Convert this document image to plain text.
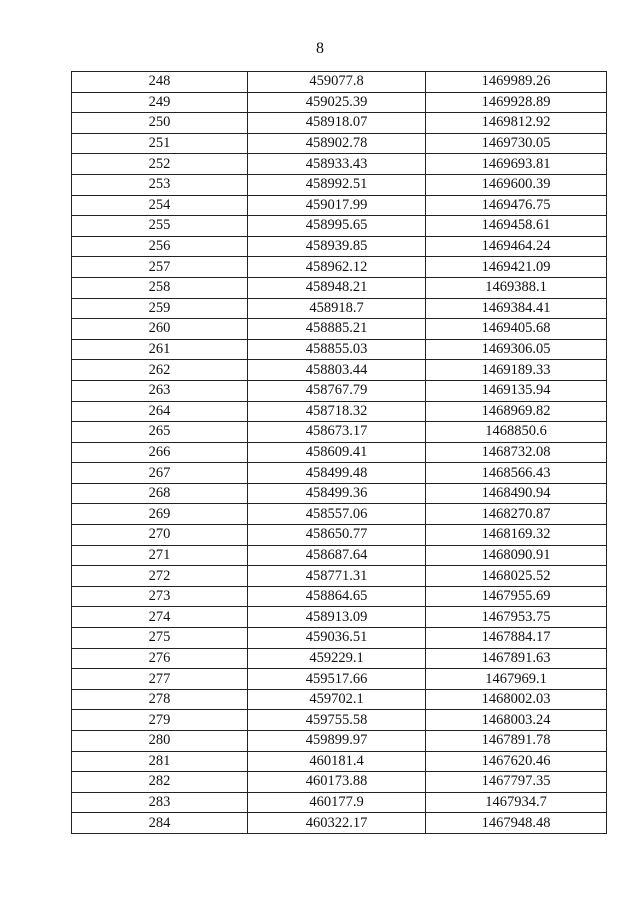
8
248	459077.8	1469989.26
249	459025.39	1469928.89
250	458918.07	1469812.92
251	458902.78	1469730.05
252	458933.43	1469693.81
253	458992.51	1469600.39
254	459017.99	1469476.75
255	458995.65	1469458.61
256	458939.85	1469464.24
257	458962.12	1469421.09
258	458948.21	1469388.1
259	458918.7	1469384.41
260	458885.21	1469405.68
261	458855.03	1469306.05
262	458803.44	1469189.33
263	458767.79	1469135.94
264	458718.32	1468969.82
265	458673.17	1468850.6
266	458609.41	1468732.08
267	458499.48	1468566.43
268	458499.36	1468490.94
269	458557.06	1468270.87
270	458650.77	1468169.32
271	458687.64	1468090.91
272	458771.31	1468025.52
273	458864.65	1467955.69
274	458913.09	1467953.75
275	459036.51	1467884.17
276	459229.1	1467891.63
277	459517.66	1467969.1
278	459702.1	1468002.03
279	459755.58	1468003.24
280	459899.97	1467891.78
281	460181.4	1467620.46
282	460173.88	1467797.35
283	460177.9	1467934.7
284	460322.17	1467948.48
